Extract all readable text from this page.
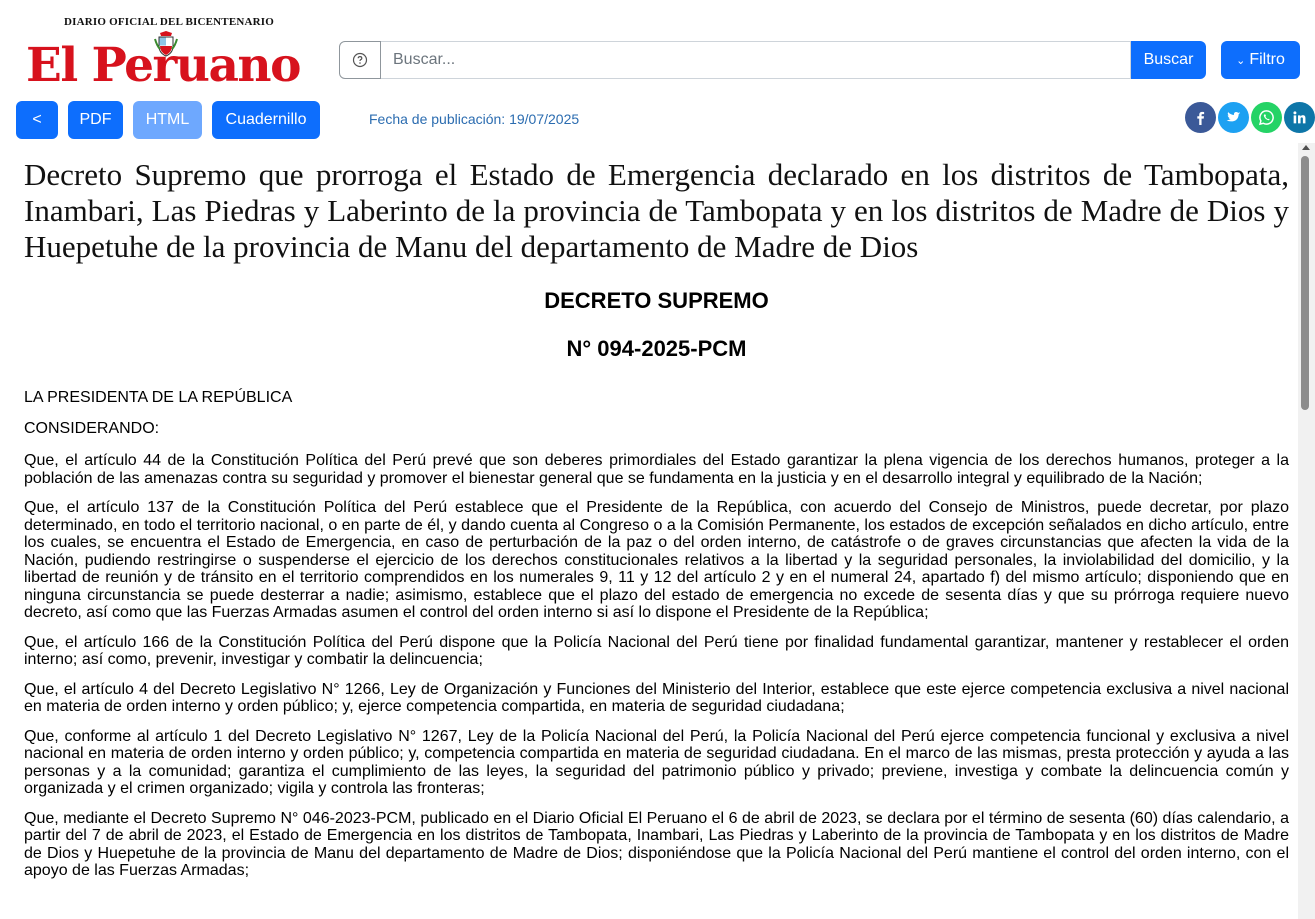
DIARIO OFICIAL DEL BICENTENARIO
El Peruano
Buscar...	Buscar	⌄ Filtro
<	PDF	HTML	Cuadernillo	Fecha de publicación: 19/07/2025
Decreto Supremo que prorroga el Estado de Emergencia declarado en los distritos de Tambopata, Inambari, Las Piedras y Laberinto de la provincia de Tambopata y en los distritos de Madre de Dios y Huepetuhe de la provincia de Manu del departamento de Madre de Dios
DECRETO SUPREMO
N° 094-2025-PCM
LA PRESIDENTA DE LA REPÚBLICA
CONSIDERANDO:

Que, el artículo 44 de la Constitución Política del Perú prevé que son deberes primordiales del Estado garantizar la plena vigencia de los derechos humanos, proteger a la población de las amenazas contra su seguridad y promover el bienestar general que se fundamenta en la justicia y en el desarrollo integral y equilibrado de la Nación;

Que, el artículo 137 de la Constitución Política del Perú establece que el Presidente de la República, con acuerdo del Consejo de Ministros, puede decretar, por plazo determinado, en todo el territorio nacional, o en parte de él, y dando cuenta al Congreso o a la Comisión Permanente, los estados de excepción señalados en dicho artículo, entre los cuales, se encuentra el Estado de Emergencia, en caso de perturbación de la paz o del orden interno, de catástrofe o de graves circunstancias que afecten la vida de la Nación, pudiendo restringirse o suspenderse el ejercicio de los derechos constitucionales relativos a la libertad y la seguridad personales, la inviolabilidad del domicilio, y la libertad de reunión y de tránsito en el territorio comprendidos en los numerales 9, 11 y 12 del artículo 2 y en el numeral 24, apartado f) del mismo artículo; disponiendo que en ninguna circunstancia se puede desterrar a nadie; asimismo, establece que el plazo del estado de emergencia no excede de sesenta días y que su prórroga requiere nuevo decreto, así como que las Fuerzas Armadas asumen el control del orden interno si así lo dispone el Presidente de la República;

Que, el artículo 166 de la Constitución Política del Perú dispone que la Policía Nacional del Perú tiene por finalidad fundamental garantizar, mantener y restablecer el orden interno; así como, prevenir, investigar y combatir la delincuencia;

Que, el artículo 4 del Decreto Legislativo N° 1266, Ley de Organización y Funciones del Ministerio del Interior, establece que este ejerce competencia exclusiva a nivel nacional en materia de orden interno y orden público; y, ejerce competencia compartida, en materia de seguridad ciudadana;

Que, conforme al artículo 1 del Decreto Legislativo N° 1267, Ley de la Policía Nacional del Perú, la Policía Nacional del Perú ejerce competencia funcional y exclusiva a nivel nacional en materia de orden interno y orden público; y, competencia compartida en materia de seguridad ciudadana. En el marco de las mismas, presta protección y ayuda a las personas y a la comunidad; garantiza el cumplimiento de las leyes, la seguridad del patrimonio público y privado; previene, investiga y combate la delincuencia común y organizada y el crimen organizado; vigila y controla las fronteras;

Que, mediante el Decreto Supremo N° 046-2023-PCM, publicado en el Diario Oficial El Peruano el 6 de abril de 2023, se declara por el término de sesenta (60) días calendario, a partir del 7 de abril de 2023, el Estado de Emergencia en los distritos de Tambopata, Inambari, Las Piedras y Laberinto de la provincia de Tambopata y en los distritos de Madre de Dios y Huepetuhe de la provincia de Manu del departamento de Madre de Dios; disponiéndose que la Policía Nacional del Perú mantiene el control del orden interno, con el apoyo de las Fuerzas Armadas;
